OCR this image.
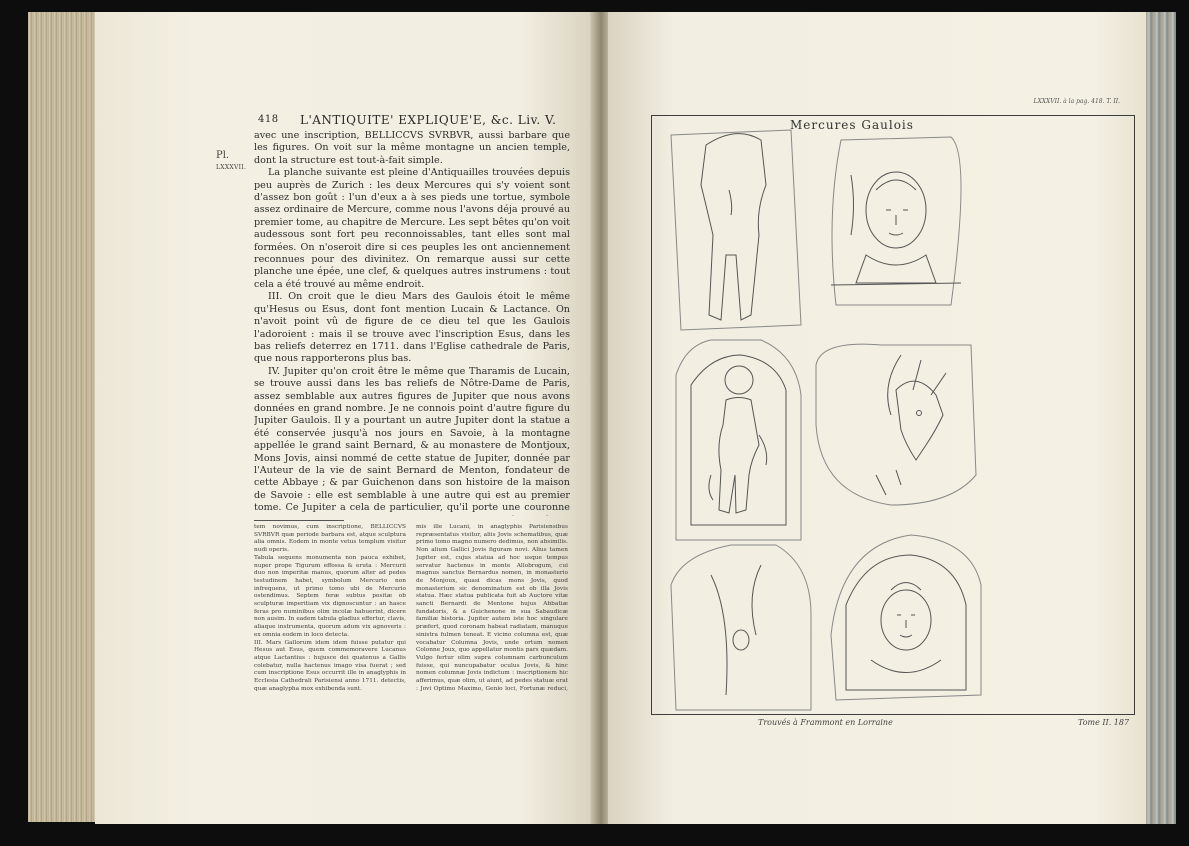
418 L'ANTIQUITE' EXPLIQUE'E, &c. Liv. V.
Pl.
LXXXVII.

avec une inscription, BELLICCVS SVRBVR, aussi barbare que les figures. On voit sur la même montagne un ancien temple, dont la structure est tout-à-fait simple.

La planche suivante est pleine d'Antiquailles trouvées depuis peu auprès de Zurich : les deux Mercures qui s'y voient sont d'assez bon goût : l'un d'eux a à ses pieds une tortue, symbole assez ordinaire de Mercure, comme nous l'avons déja prouvé au premier tome, au chapitre de Mercure. Les sept bêtes qu'on voit audessous sont fort peu reconnoissables, tant elles sont mal formées. On n'oseroit dire si ces peuples les ont anciennement reconnues pour des divinitez. On remarque aussi sur cette planche une épée, une clef, & quelques autres instrumens : tout cela a été trouvé au même endroit.

III. On croit que le dieu Mars des Gaulois étoit le même qu'Hesus ou Esus, dont font mention Lucain & Lactance. On n'avoit point vû de figure de ce dieu tel que les Gaulois l'adoroient : mais il se trouve avec l'inscription Esus, dans les bas reliefs deterrez en 1711. dans l'Eglise cathedrale de Paris, que nous rapporterons plus bas.

IV. Jupiter qu'on croit être le même que Tharamis de Lucain, se trouve aussi dans les bas reliefs de Nôtre-Dame de Paris, assez semblable aux autres figures de Jupiter que nous avons données en grand nombre. Je ne connois point d'autre figure du Jupiter Gaulois. Il y a pourtant un autre Jupiter dont la statue a été conservée jusqu'à nos jours en Savoie, à la montagne appellée le grand saint Bernard, & au monastere de Montjoux, Mons Jovis, ainsi nommé de cette statue de Jupiter, donnée par l'Auteur de la vie de saint Bernard de Menton, fondateur de cette Abbaye ; & par Guichenon dans son histoire de la maison de Savoie : elle est semblable à une autre qui est au premier tome. Ce Jupiter a cela de particulier, qu'il porte une couronne

tem novimus, cum inscriptione, BELLICCVS SVRBVR quæ periode barbara est, atque sculptura alia omnis. Eodem in monte vetus templum visitur nudi operis.

Tabula sequens monumenta non pauca exhibet, nuper prope Tigurum effossa & eruta : Mercurii duo non imperitæ manus, quorum alter ad pedes testudinem habet, symbolum Mercurio non infrequens, ut primo tomo ubi de Mercurio ostendimus. Septem feræ subtus positæ ob sculpturæ imperitiam vix dignoscuntur : an hasce feras pro numinibus olim incolæ habuerint, dicere non ausim. In eadem tabula gladius effertur, clavis, aliaque instrumenta, quorum adum vix agnoveris : ex omnia eodem in loco detecta.

III. Mars Gallorum idem idem fuisse putatur qui Hesus aut Esus, quem commemoravere Lucanus atque Lactantius : hujusce dei quatenus a Gallis colebatur, nulla hactenus imago visa fuerat ; sed cum inscriptione Esus occurrit ille in anaglyphis in Ecclesia Cathedrali Parisiensi anno 1711. detectis, quæ anaglypha mox exhibenda sunt.

mis ille Lucani, in anaglyphis Parisiensibus repræsentatus visitur, aliis Jovis schematibus, quæ primo tomo magno numero dedimus, non absimilis. Non alium Gallici Jovis figuram novi. Alius tamen Jupiter est, cujus statua ad hoc usque tempus servatur hactenus in monte Allobrogum, cui magnus sanctus Bernardus nomen, in monasterio de Monjoux, quasi dicas mons Jovis, quod monasterium sic denominatum est ob illa Jovis statua. Hæc statua publicata fuit ab Auctore vitæ sancti Bernardi de Mentone hujus Abbatiæ fundatoris, & a Guichenone in sua Sabaudicæ familiæ historia. Jupiter autem iste hoc singulare præfert, quod coronam habeat radiatam, manuque sinistra fulmen teneat. E vicino columna est, quæ vocabatur Columna Jovis, unde ortum nomen Colonne Joux, quo appellatur montis pars quædam. Vulgo fertur olim supra columnam carbunculum fuisse, qui nuncupabatur oculus Jovis, & hinc nomen columnæ Jovis indictum : inscriptionem hic afferimus, quæ olim, ut aiunt, ad pedes statuæ erat : Jovi Optimo Maximo, Genio loci, Fortunæ reduci,

LXXXVII. à la pag. 418. T. II.
Mercures Gaulois
Trouvés à Frammont en Lorraine	Tome II. 187
